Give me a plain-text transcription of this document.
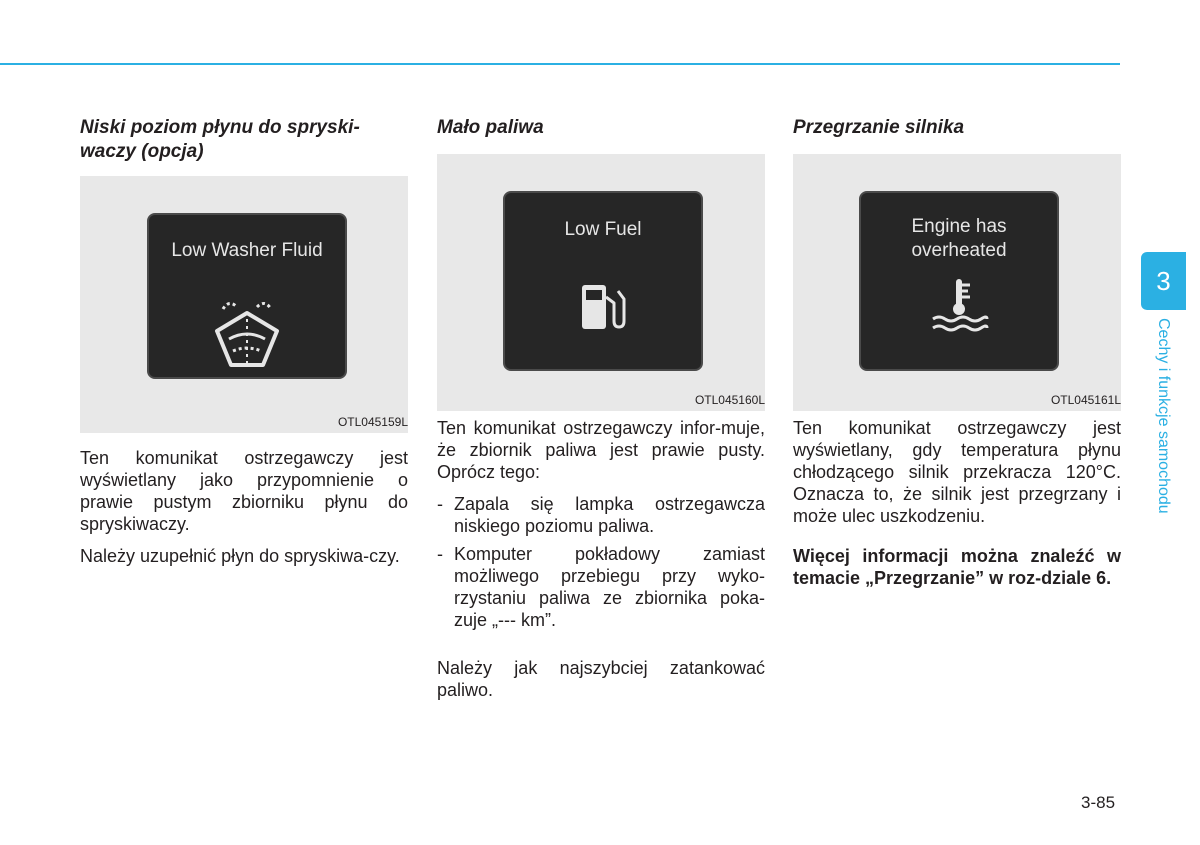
Niski poziom płynu do spryski-waczy (opcja)
Low Washer Fluid
OTL045159L

Ten komunikat ostrzegawczy jest wyświetlany jako przypomnienie o prawie pustym zbiorniku płynu do spryskiwaczy.

Należy uzupełnić płyn do spryskiwa-czy.

Mało paliwa
Low Fuel
OTL045160L

Ten komunikat ostrzegawczy infor-muje, że zbiornik paliwa jest prawie pusty. Oprócz tego:

- Zapala się lampka ostrzegawcza niskiego poziomu paliwa.
- Komputer pokładowy zamiast możliwego przebiegu przy wyko-rzystaniu paliwa ze zbiornika poka-zuje „--- km”.

Należy jak najszybciej zatankować paliwo.

Przegrzanie silnika
Engine has
overheated
OTL045161L

Ten komunikat ostrzegawczy jest wyświetlany, gdy temperatura płynu chłodzącego silnik przekracza 120°C. Oznacza to, że silnik jest przegrzany i może ulec uszkodzeniu.

Więcej informacji można znaleźć w temacie „Przegrzanie” w roz-dziale 6.

3
Cechy i funkcje samochodu
3-85
